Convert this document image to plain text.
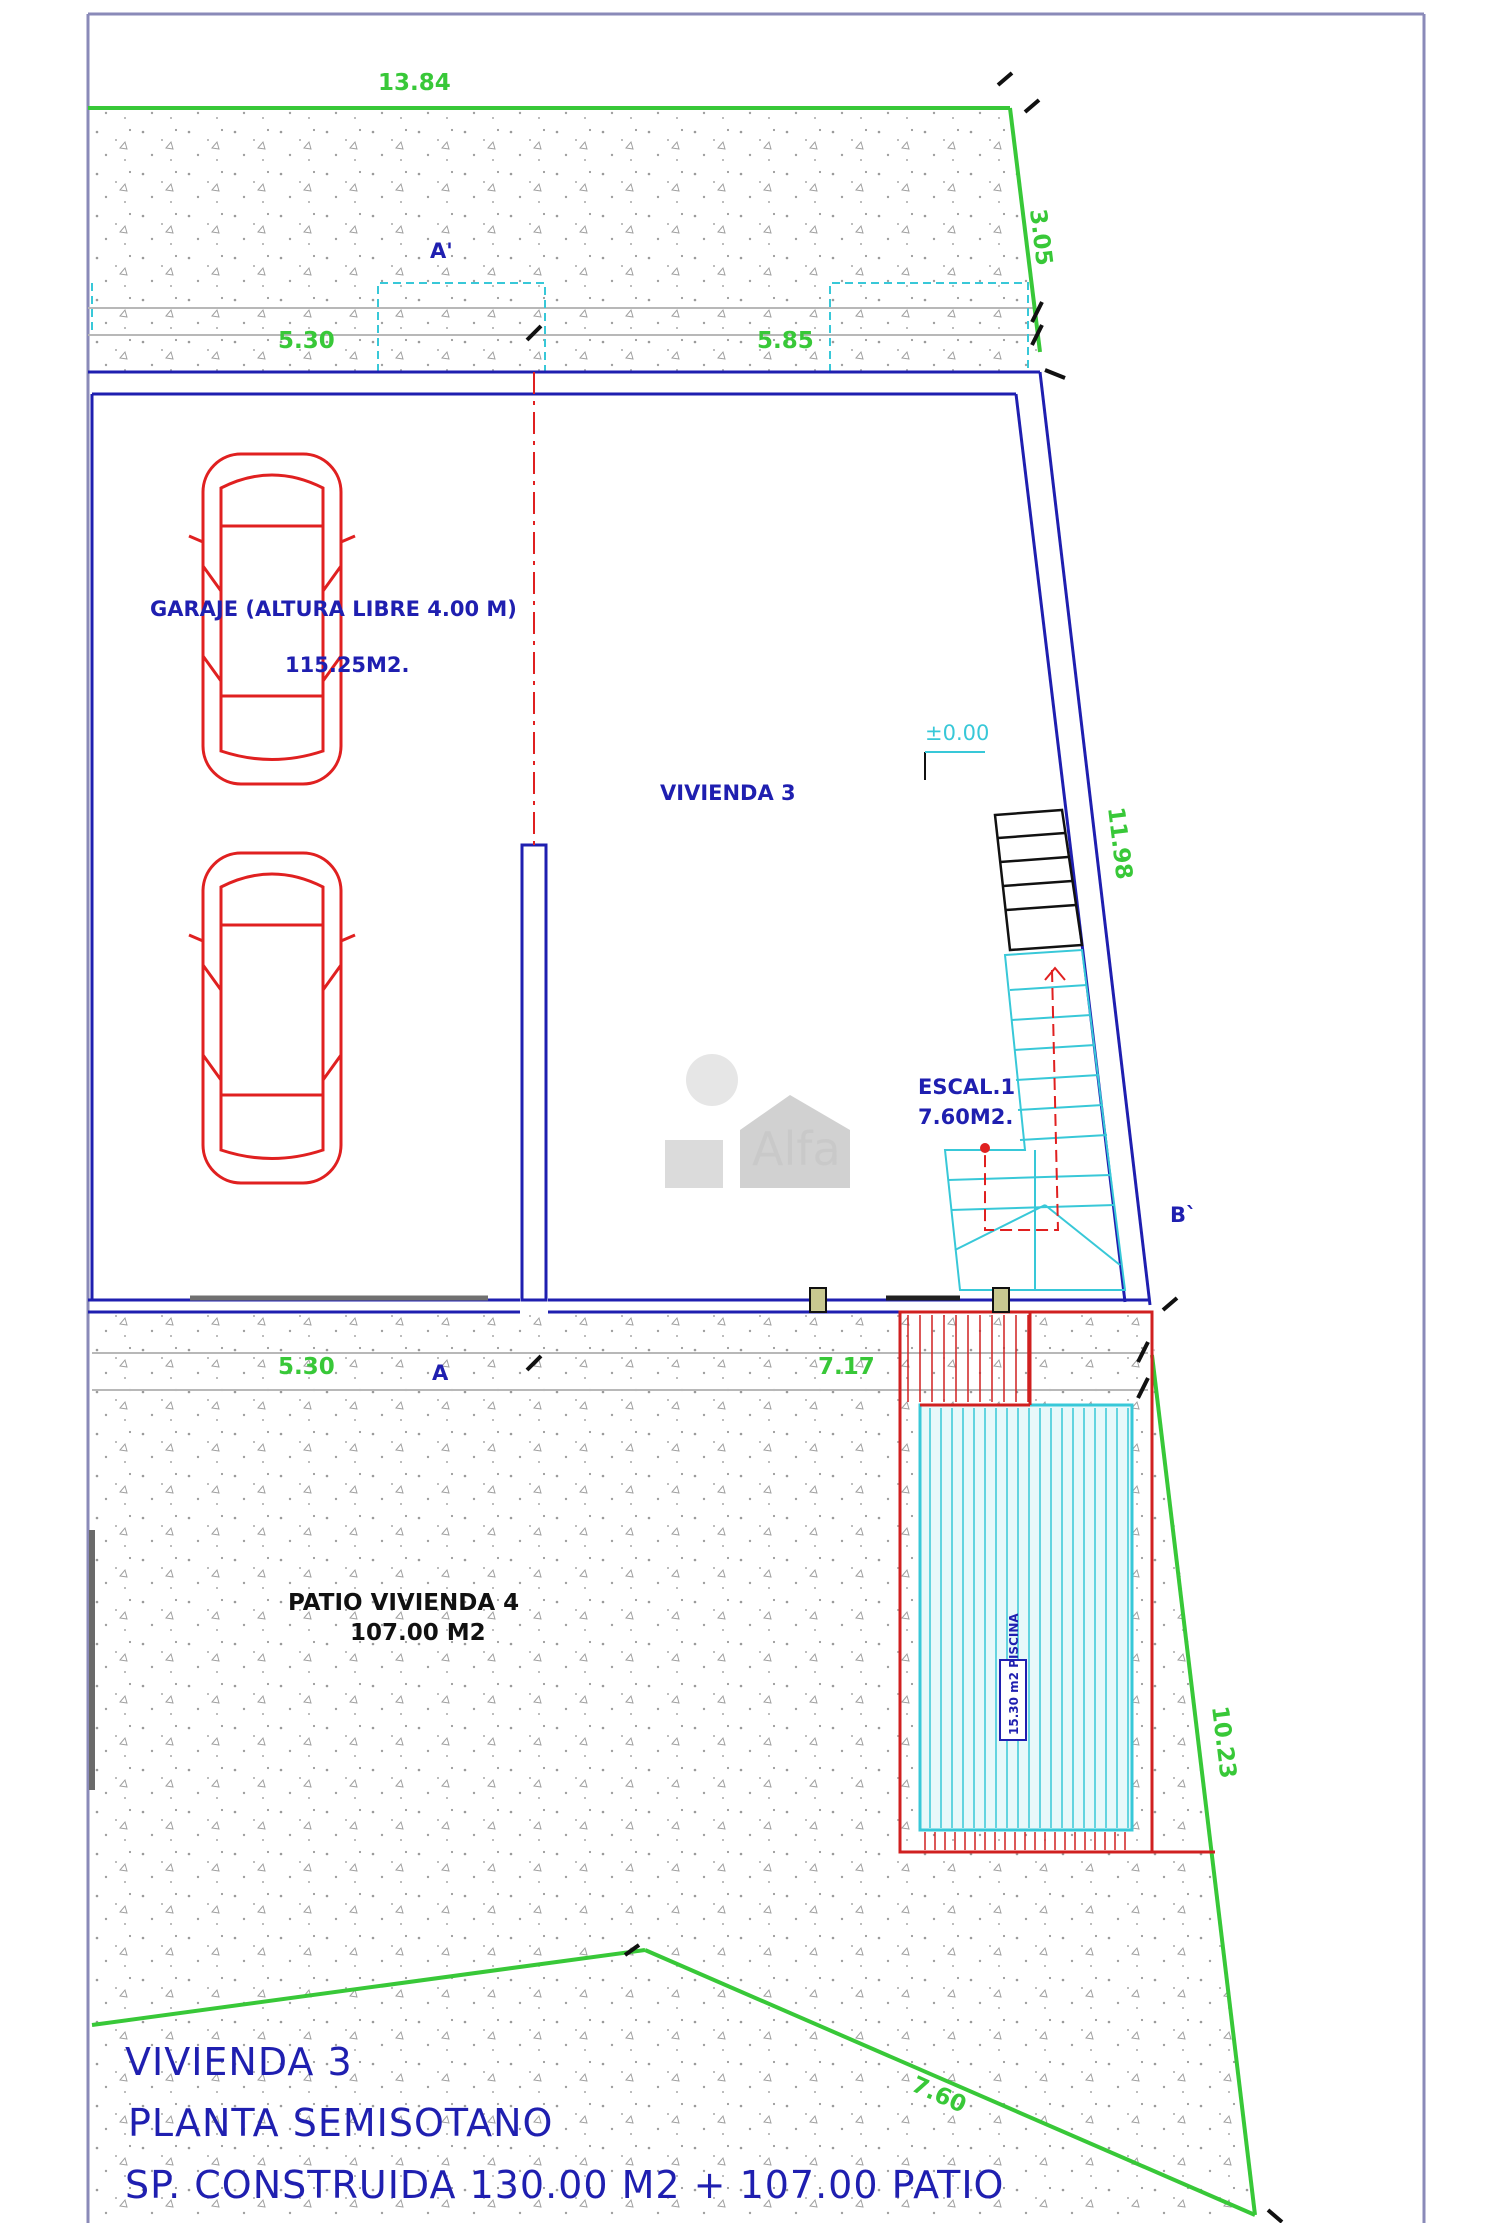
15.30 m2 PISCINA
Alfa
13.84
3.05
5.30	5.85
11.98
5.30	7.17
10.23
7.60
±0.00
A'
A
B`
GARAJE (ALTURA LIBRE 4.00 M)
115.25M2.
VIVIENDA 3
ESCAL.1
7.60M2.
PATIO VIVIENDA 4
107.00 M2
VIVIENDA 3
PLANTA SEMISOTANO
SP. CONSTRUIDA 130.00 M2 + 107.00 PATIO
